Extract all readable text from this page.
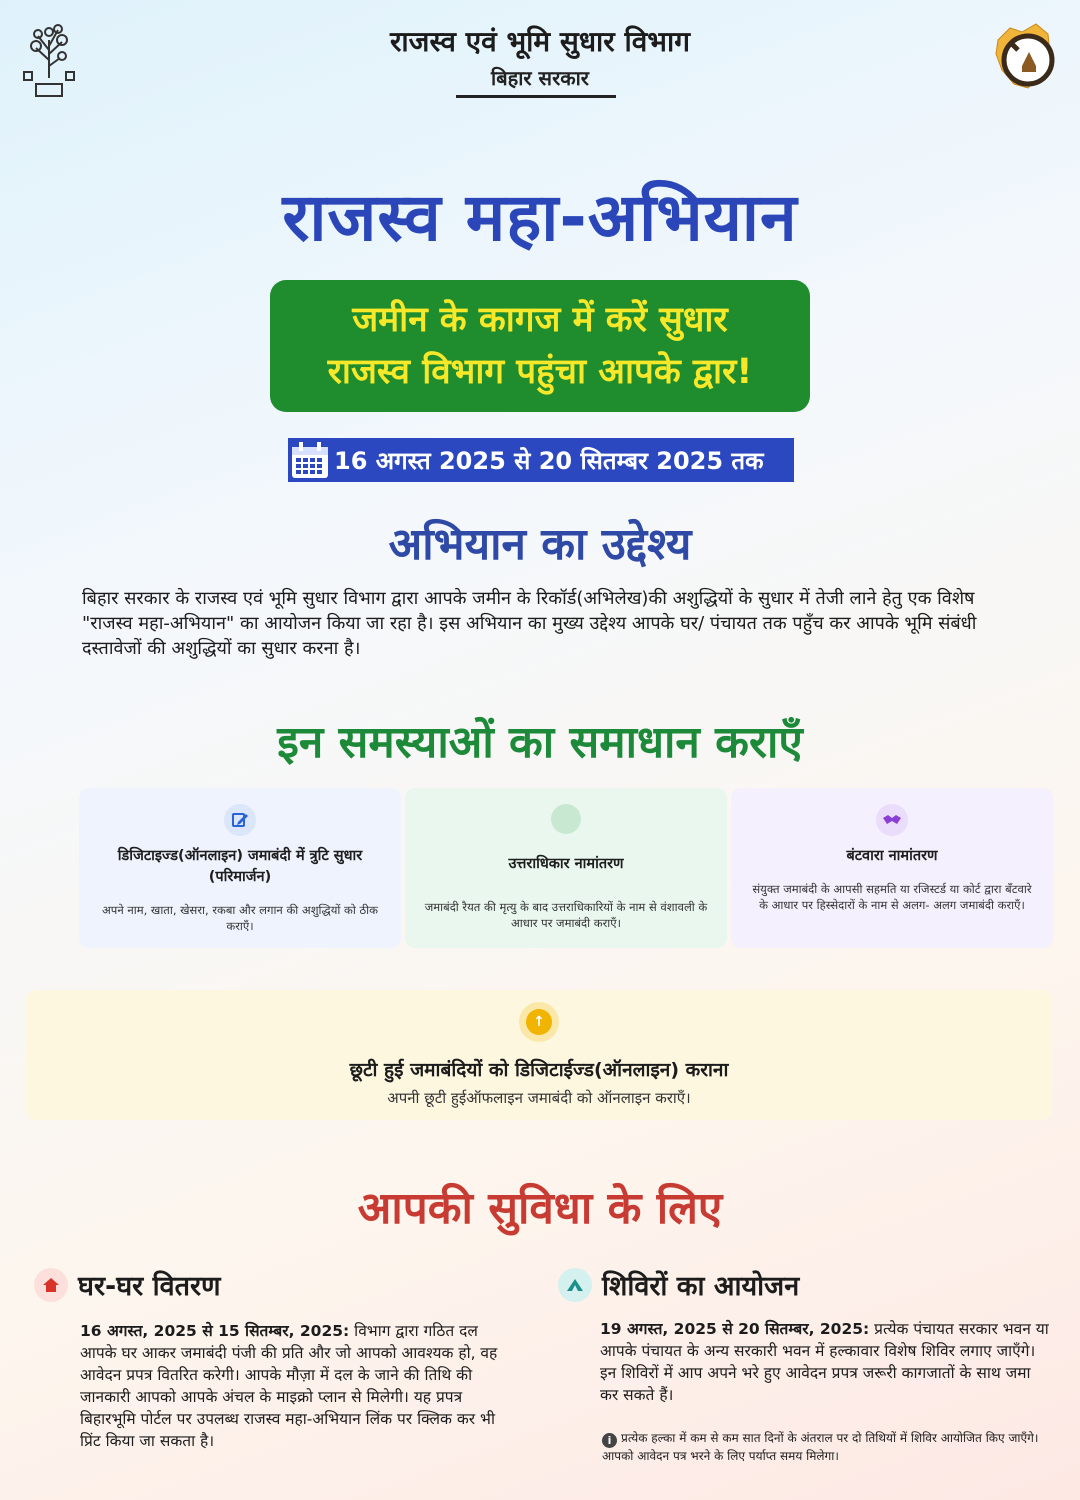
राजस्व एवं भूमि सुधार विभाग
बिहार सरकार
राजस्व महा-अभियान
जमीन के कागज में करें सुधार
राजस्व विभाग पहुंचा आपके द्वार!
16 अगस्त 2025 से 20 सितम्बर 2025 तक
अभियान का उद्देश्य
बिहार सरकार के राजस्व एवं भूमि सुधार विभाग द्वारा आपके जमीन के रिकॉर्ड(अभिलेख)की अशुद्धियों के सुधार में तेजी लाने हेतु एक विशेष "राजस्व महा-अभियान" का आयोजन किया जा रहा है। इस अभियान का मुख्य उद्देश्य आपके घर/ पंचायत तक पहुँच कर आपके भूमि संबंधी दस्तावेजों की अशुद्धियों का सुधार करना है।
इन समस्याओं का समाधान कराएँ
डिजिटाइज्ड(ऑनलाइन) जमाबंदी में त्रुटि सुधार (परिमार्जन)
अपने नाम, खाता, खेसरा, रकबा और लगान की अशुद्धियों को ठीक कराएँ।
उत्तराधिकार नामांतरण
जमाबंदी रैयत की मृत्यु के बाद उत्तराधिकारियों के नाम से वंशावली के आधार पर जमाबंदी कराएँ।
बंटवारा नामांतरण
संयुक्त जमाबंदी के आपसी सहमति या रजिस्टर्ड या कोर्ट द्वारा बँटवारे के आधार पर हिस्सेदारों के नाम से अलग- अलग जमाबंदी कराएँ।
↑
छूटी हुई जमाबंदियों को डिजिटाईज्ड(ऑनलाइन) कराना
अपनी छूटी हुईऑफलाइन जमाबंदी को ऑनलाइन कराएँ।
आपकी सुविधा के लिए
घर-घर वितरण
16 अगस्त, 2025 से 15 सितम्बर, 2025: विभाग द्वारा गठित दल आपके घर आकर जमाबंदी पंजी की प्रति और जो आपको आवश्यक हो, वह आवेदन प्रपत्र वितरित करेगी। आपके मौज़ा में दल के जाने की तिथि की जानकारी आपको आपके अंचल के माइक्रो प्लान से मिलेगी। यह प्रपत्र बिहारभूमि पोर्टल पर उपलब्ध राजस्व महा-अभियान लिंक पर क्लिक कर भी प्रिंट किया जा सकता है।
शिविरों का आयोजन
19 अगस्त, 2025 से 20 सितम्बर, 2025: प्रत्येक पंचायत सरकार भवन या आपके पंचायत के अन्य सरकारी भवन में हल्कावार विशेष शिविर लगाए जाएँगे। इन शिविरों में आप अपने भरे हुए आवेदन प्रपत्र जरूरी कागजातों के साथ जमा कर सकते हैं।
i प्रत्येक हल्का में कम से कम सात दिनों के अंतराल पर दो तिथियों में शिविर आयोजित किए जाएँगे। आपको आवेदन पत्र भरने के लिए पर्याप्त समय मिलेगा।
